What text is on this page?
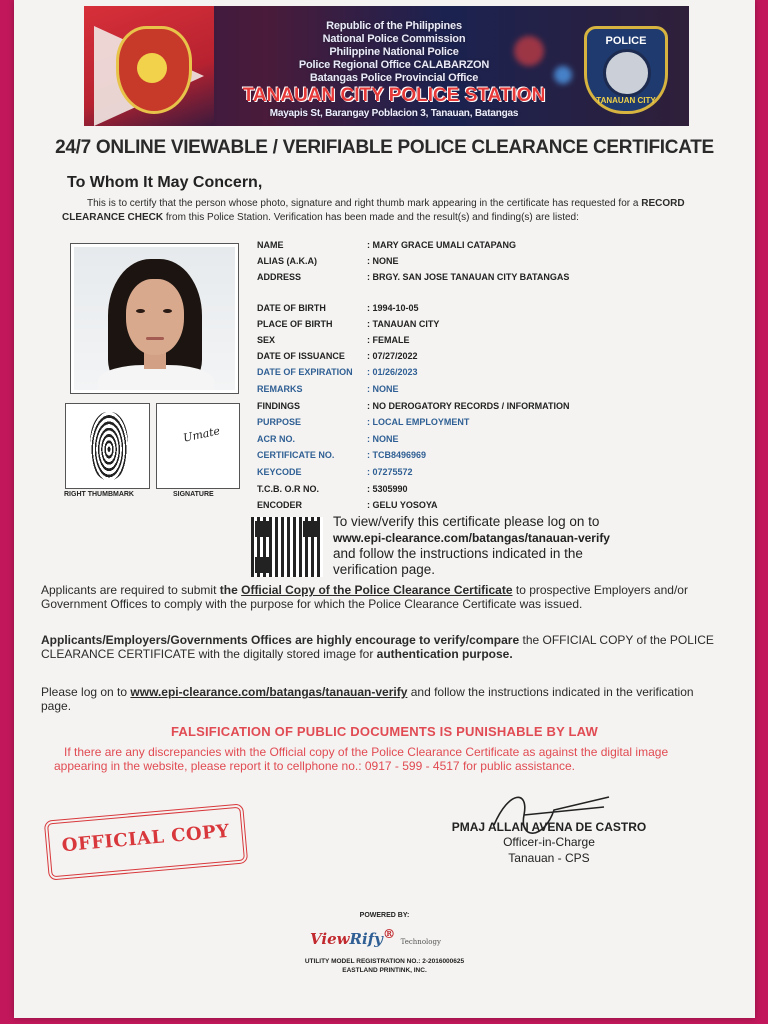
Republic of the Philippines
National Police Commission
Philippine National Police
Police Regional Office CALABARZON
Batangas Police Provincial Office
TANAUAN CITY POLICE STATION
Mayapis St, Barangay Poblacion 3, Tanauan, Batangas
POLICE
TANAUAN CITY
24/7 ONLINE VIEWABLE / VERIFIABLE POLICE CLEARANCE CERTIFICATE
To Whom It May Concern,
This is to certify that the person whose photo, signature and right thumb mark appearing in the certificate has requested for a RECORD CLEARANCE CHECK from this Police Station. Verification has been made and the result(s) and finding(s) are listed:
Umate
RIGHT THUMBMARK	SIGNATURE
NAME	: MARY GRACE UMALI CATAPANG
ALIAS (A.K.A)	: NONE
ADDRESS	: BRGY. SAN JOSE TANAUAN CITY BATANGAS
DATE OF BIRTH	: 1994-10-05
PLACE OF BIRTH	: TANAUAN CITY
SEX	: FEMALE
DATE OF ISSUANCE : 07/27/2022
DATE OF EXPIRATION : 01/26/2023
REMARKS	: NONE
FINDINGS	: NO DEROGATORY RECORDS / INFORMATION
PURPOSE	: LOCAL EMPLOYMENT
ACR NO.	: NONE
CERTIFICATE NO.	: TCB8496969
KEYCODE	: 07275572
T.C.B. O.R NO.	: 5305990
ENCODER	: GELU YOSOYA
To view/verify this certificate please log on to
www.epi-clearance.com/batangas/tanauan-verify
and follow the instructions indicated in the verification page.
Applicants are required to submit the Official Copy of the Police Clearance Certificate to prospective Employers and/or Government Offices to comply with the purpose for which the Police Clearance Certificate was issued.
Applicants/Employers/Governments Offices are highly encourage to verify/compare the OFFICIAL COPY of the POLICE CLEARANCE CERTIFICATE with the digitally stored image for authentication purpose.
Please log on to www.epi-clearance.com/batangas/tanauan-verify and follow the instructions indicated in the verification page.
FALSIFICATION OF PUBLIC DOCUMENTS IS PUNISHABLE BY LAW
If there are any discrepancies with the Official copy of the Police Clearance Certificate as against the digital image appearing in the website, please report it to cellphone no.: 0917 - 599 - 4517 for public assistance.
OFFICIAL COPY	PMAJ ALLAN AVENA DE CASTRO
Officer-in-Charge
Tanauan - CPS
POWERED BY:
ViewRify® Technology
UTILITY MODEL REGISTRATION NO.: 2-2016000625
EASTLAND PRINTINK, INC.
